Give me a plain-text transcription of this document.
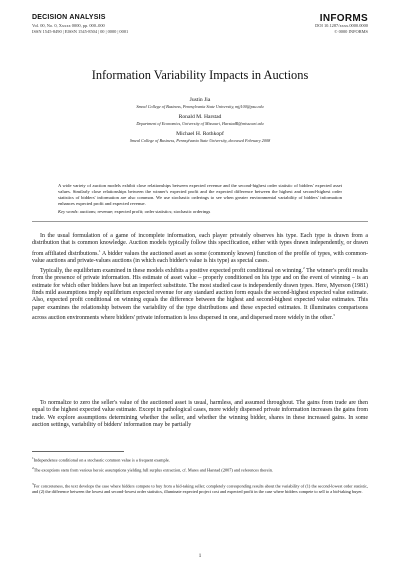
DECISION ANALYSIS
Vol. 00, No. 0, Xxxxx 0000, pp. 000–000
ISSN 1545-8490 | EISSN 1545-8504 | 00 | 0000 | 0001
INFORMS
DOI 10.1287/xxxx.0000.0000
© 0000 INFORMS
Information Variability Impacts in Auctions
Justin Jia
Smeal College of Business, Pennsylvania State University, mjj100@psu.edu
Ronald M. Harstad
Department of Economics, University of Missouri, HarstadR@missouri.edu
Michael H. Rothkopf
Smeal College of Business, Pennsylvania State University, deceased February 2008
A wide variety of auction models exhibit close relationships between expected revenue and the second-highest order statistic of bidders' expected asset values. Similarly close relationships between the winner's expected profit and the expected difference between the highest and second-highest order statistics of bidders' information are also common. We use stochastic orderings to see when greater environmental variability of bidders' information enhances expected profit and expected revenue.
Key words: auctions; revenue; expected profit; order statistics; stochastic orderings

In the usual formulation of a game of incomplete information, each player privately observes his type. Each type is drawn from a distribution that is common knowledge. Auction models typically follow this specification, either with types drawn independently, or drawn from affiliated distributions.$^1$ A bidder values the auctioned asset as some (commonly known) function of the profile of types, with common-value auctions and private-values auctions (in which each bidder's value is his type) as special cases.

Typically, the equilibrium examined in these models exhibits a positive expected profit conditional on winning.$^2$ The winner's profit results from the presence of private information. His estimate of asset value – properly conditioned on his type and on the event of winning – is an estimate for which other bidders have but an imperfect substitute. The most studied case is independently drawn types. Here, Myerson (1981) finds mild assumptions imply equilibrium expected revenue for any standard auction form equals the second-highest expected value estimate. Also, expected profit conditional on winning equals the difference between the highest and second-highest expected value estimates. This paper examines the relationship between the variability of the type distributions and these expected estimates. It illuminates comparisons across auction environments where bidders' private information is less dispersed in one, and dispersed more widely in the other.$^3$

To normalize to zero the seller's value of the auctioned asset is usual, harmless, and assumed throughout. The gains from trade are then equal to the highest expected value estimate. Except in pathological cases, more widely dispersed private information increases the gains from trade. We explore assumptions determining whether the seller, and whether the winning bidder, shares in these increased gains. In some auction settings, variability of bidders' information may be partially

$^1$Independence conditional on a stochastic common value is a frequent example.
$^2$The exceptions stem from various heroic assumptions yielding full surplus extraction, cf. Mares and Harstad (2007) and references therein.
$^3$For concreteness, the text develops the case where bidders compete to buy from a bid-taking seller; completely corresponding results about the variability of (1) the second-lowest order statistic, and (2) the difference between the lowest and second-lowest order statistics, illuminate expected project cost and expected profit in the case where bidders compete to sell to a bid-taking buyer.
1
